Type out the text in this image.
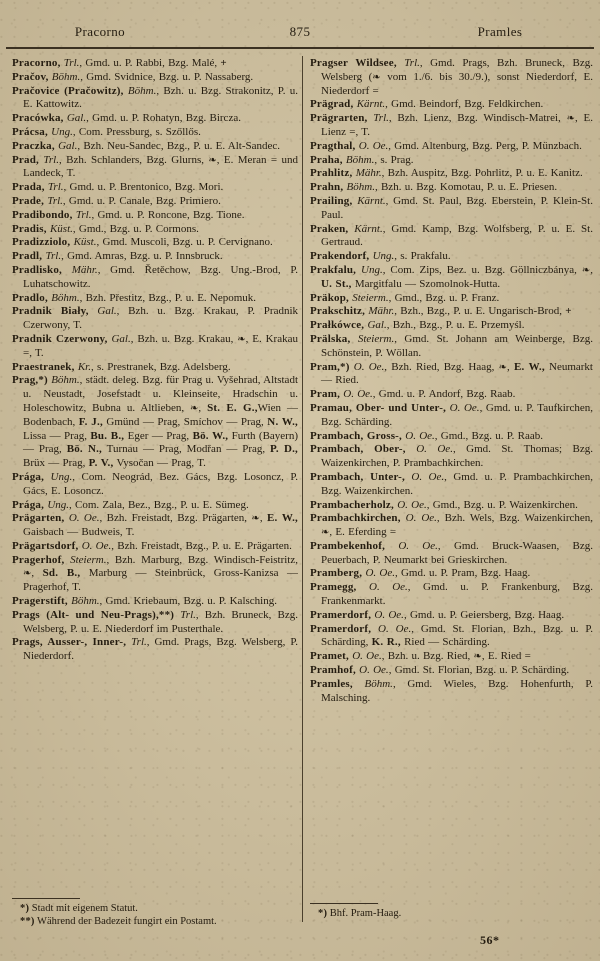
Pracorno	875	Pramles

Pracorno, Trl., Gmd. u. P. Rabbi, Bzg. Malé, +

Pračov, Böhm., Gmd. Svidnice, Bzg. u. P. Nassaberg.

Pračovice (Pračowitz), Böhm., Bzh. u. Bzg. Strakonitz, P. u. E. Kattowitz.

Pracówka, Gal., Gmd. u. P. Rohatyn, Bzg. Bircza.

Prácsa, Ung., Com. Pressburg, s. Szőllős.

Praczka, Gal., Bzh. Neu-Sandec, Bzg., P. u. E. Alt-Sandec.

Prad, Trl., Bzh. Schlanders, Bzg. Glurns, ❧, E. Meran = und Landeck, T.

Prada, Trl., Gmd. u. P. Brentonico, Bzg. Mori.

Prade, Trl., Gmd. u. P. Canale, Bzg. Primiero.

Pradibondo, Trl., Gmd. u. P. Roncone, Bzg. Tione.

Pradis, Küst., Gmd., Bzg. u. P. Cormons.

Pradizziolo, Küst., Gmd. Muscoli, Bzg. u. P. Cervignano.

Pradl, Trl., Gmd. Amras, Bzg. u. P. Innsbruck.

Pradlisko, Mähr., Gmd. Řetěchow, Bzg. Ung.-Brod, P. Luhatschowitz.

Pradlo, Böhm., Bzh. Přestitz, Bzg., P. u. E. Nepomuk.

Pradnik Biały, Gal., Bzh. u. Bzg. Krakau, P. Pradnik Czerwony, T.

Pradnik Czerwony, Gal., Bzh. u. Bzg. Krakau, ❧, E. Krakau =, T.

Praestranek, Kr., s. Prestranek, Bzg. Adelsberg.

Prag,*) Böhm., städt. deleg. Bzg. für Prag u. Vyšehrad, Altstadt u. Neustadt, Josefstadt u. Kleinseite, Hradschin u. Holeschowitz, Bubna u. Altlieben, ❧, St. E. G.,Wien — Bodenbach, F. J., Gmünd — Prag, Smíchov — Prag, N. W., Lissa — Prag, Bu. B., Eger — Prag, Bö. W., Furth (Bayern) — Prag, Bö. N., Turnau — Prag, Modřan — Prag, P. D., Brüx — Prag, P. V., Vysočan — Prag, T.

Prága, Ung., Com. Neográd, Bez. Gács, Bzg. Losoncz, P. Gács, E. Losoncz.

Prága, Ung., Com. Zala, Bez., Bzg., P. u. E. Sümeg.

Prägarten, O. Oe., Bzh. Freistadt, Bzg. Prägarten, ❧, E. W., Gaisbach — Budweis, T.

Prägartsdorf, O. Oe., Bzh. Freistadt, Bzg., P. u. E. Prägarten.

Pragerhof, Steierm., Bzh. Marburg, Bzg. Windisch-Feistritz, ❧, Sd. B., Marburg — Steinbrück, Gross-Kanizsa — Pragerhof, T.

Pragerstift, Böhm., Gmd. Kriebaum, Bzg. u. P. Kalsching.

Prags (Alt- und Neu-Prags),**) Trl., Bzh. Bruneck, Bzg. Welsberg, P. u. E. Niederdorf im Pusterthale.

Prags, Ausser-, Inner-, Trl., Gmd. Prags, Bzg. Welsberg, P. Niederdorf.

Pragser Wildsee, Trl., Gmd. Prags, Bzh. Bruneck, Bzg. Welsberg (❧ vom 1./6. bis 30./9.), sonst Niederdorf, E. Niederdorf =

Prägrad, Kärnt., Gmd. Beindorf, Bzg. Feldkirchen.

Prägrarten, Trl., Bzh. Lienz, Bzg. Windisch-Matrei, ❧, E. Lienz =, T.

Pragthal, O. Oe., Gmd. Altenburg, Bzg. Perg, P. Münzbach.

Praha, Böhm., s. Prag.

Prahlitz, Mähr., Bzh. Auspitz, Bzg. Pohrlitz, P. u. E. Kanitz.

Prahn, Böhm., Bzh. u. Bzg. Komotau, P. u. E. Priesen.

Prailing, Kärnt., Gmd. St. Paul, Bzg. Eberstein, P. Klein-St. Paul.

Praken, Kärnt., Gmd. Kamp, Bzg. Wolfsberg, P. u. E. St. Gertraud.

Prakendorf, Ung., s. Prakfalu.

Prakfalu, Ung., Com. Zips, Bez. u. Bzg. Göllniczbánya, ❧, U. St., Margitfalu — Szomolnok-Hutta.

Präkop, Steierm., Gmd., Bzg. u. P. Franz.

Prakschitz, Mähr., Bzh., Bzg., P. u. E. Ungarisch-Brod, +

Prałkówce, Gal., Bzh., Bzg., P. u. E. Przemyśl.

Prälska, Steierm., Gmd. St. Johann am Weinberge, Bzg. Schönstein, P. Wöllan.

Pram,*) O. Oe., Bzh. Ried, Bzg. Haag, ❧, E. W., Neumarkt — Ried.

Pram, O. Oe., Gmd. u. P. Andorf, Bzg. Raab.

Pramau, Ober- und Unter-, O. Oe., Gmd. u. P. Taufkirchen, Bzg. Schärding.

Prambach, Gross-, O. Oe., Gmd., Bzg. u. P. Raab.

Prambach, Ober-, O. Oe., Gmd. St. Thomas; Bzg. Waizenkirchen, P. Prambachkirchen.

Prambach, Unter-, O. Oe., Gmd. u. P. Prambachkirchen, Bzg. Waizenkirchen.

Prambacherholz, O. Oe., Gmd., Bzg. u. P. Waizenkirchen.

Prambachkirchen, O. Oe., Bzh. Wels, Bzg. Waizenkirchen, ❧, E. Eferding =

Prambekenhof, O. Oe., Gmd. Bruck-Waasen, Bzg. Peuerbach, P. Neumarkt bei Grieskirchen.

Pramberg, O. Oe., Gmd. u. P. Pram, Bzg. Haag.

Pramegg, O. Oe., Gmd. u. P. Frankenburg, Bzg. Frankenmarkt.

Pramerdorf, O. Oe., Gmd. u. P. Geiersberg, Bzg. Haag.

Pramerdorf, O. Oe., Gmd. St. Florian, Bzh., Bzg. u. P. Schärding, K. R., Ried — Schärding.

Pramet, O. Oe., Bzh. u. Bzg. Ried, ❧, E. Ried =

Pramhof, O. Oe., Gmd. St. Florian, Bzg. u. P. Schärding.

Pramles, Böhm., Gmd. Wieles, Bzg. Hohenfurth, P. Malsching.

*) Stadt mit eigenem Statut.

**) Während der Badezeit fungirt ein Postamt.

*) Bhf. Pram-Haag.

56*
